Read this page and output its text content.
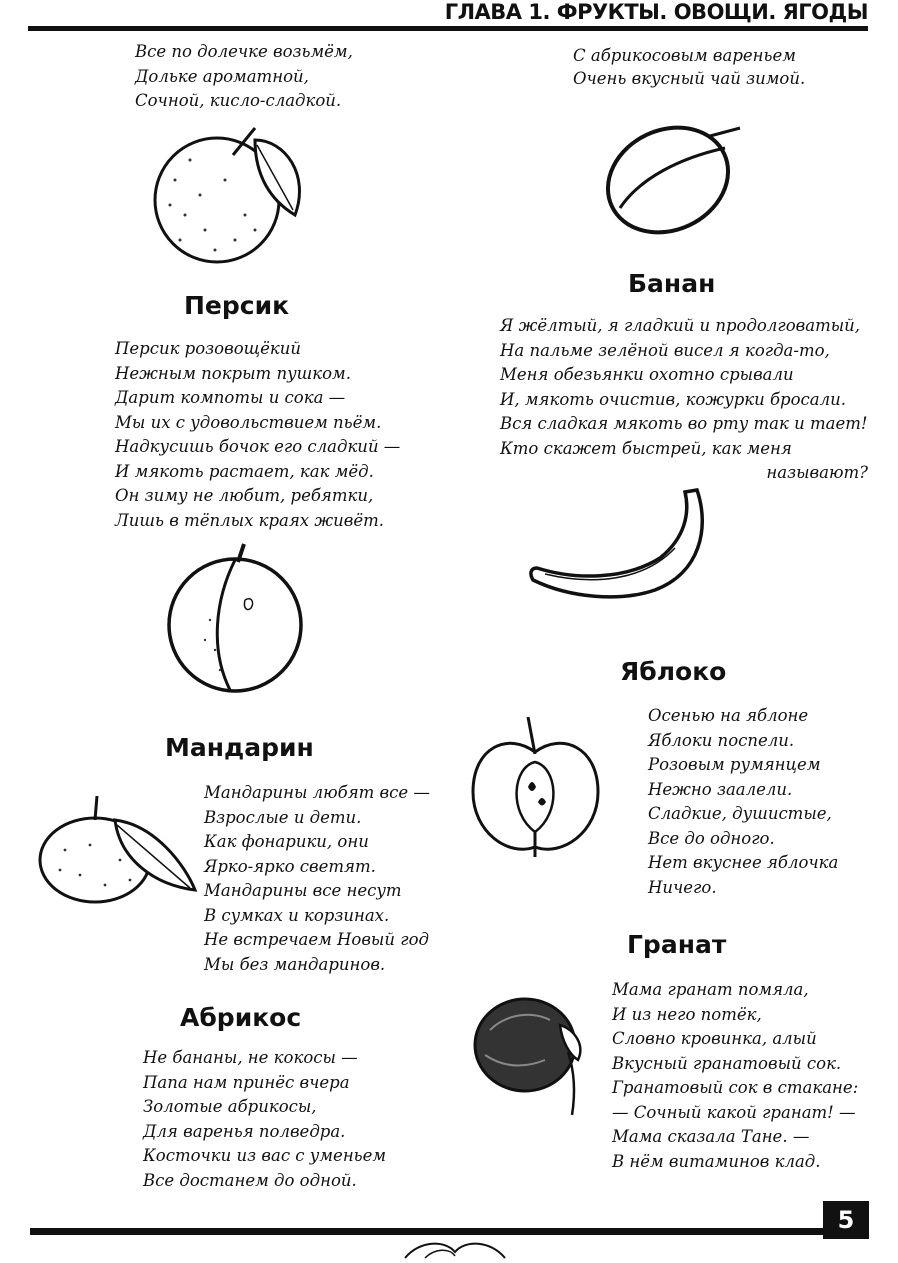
ГЛАВА 1. ФРУКТЫ. ОВОЩИ. ЯГОДЫ
Все по долечке возьмём,
Дольке ароматной,
Сочной, кисло-сладкой.
С абрикосовым вареньем
Очень вкусный чай зимой.
Персик
Персик розовощёкий
Нежным покрыт пушком.
Дарит компоты и сока —
Мы их с удовольствием пьём.
Надкусишь бочок его сладкий —
И мякоть растает, как мёд.
Он зиму не любит, ребятки,
Лишь в тёплых краях живёт.
Банан
Я жёлтый, я гладкий и продолговатый,
На пальме зелёной висел я когда-то,
Меня обезьянки охотно срывали
И, мякоть очистив, кожурки бросали.
Вся сладкая мякоть во рту так и тает!
Кто скажет быстрей, как меня
называют?
Яблоко
Осенью на яблоне
Яблоки поспели.
Розовым румянцем
Нежно заалели.
Сладкие, душистые,
Все до одного.
Нет вкуснее яблочка
Ничего.
Мандарин
Мандарины любят все —
Взрослые и дети.
Как фонарики, они
Ярко-ярко светят.
Мандарины все несут
В сумках и корзинах.
Не встречаем Новый год
Мы без мандаринов.
Гранат
Мама гранат помяла,
И из него потёк,
Словно кровинка, алый
Вкусный гранатовый сок.
Гранатовый сок в стакане:
— Сочный какой гранат! —
Мама сказала Тане. —
В нём витаминов клад.
Абрикос
Не бананы, не кокосы —
Папа нам принёс вчера
Золотые абрикосы,
Для варенья полведра.
Косточки из вас с уменьем
Все достанем до одной.
5
